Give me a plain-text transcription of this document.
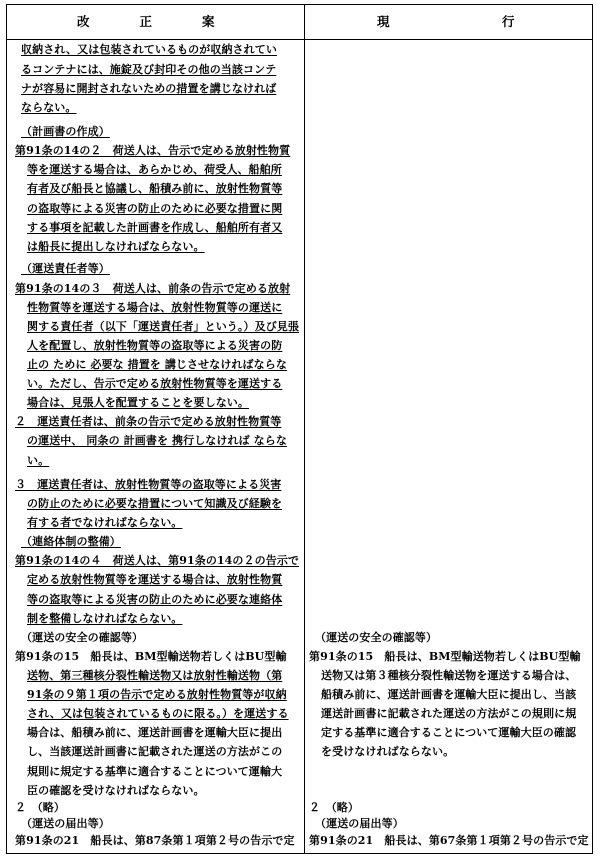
改　　　　正　　　　案	現　　　　　　　　　行
収納され、又は包装されているものが収納されてい
るコンテナには、施錠及び封印その他の当該コンテ
ナが容易に開封されないための措置を講じなければ
ならない。
（計画書の作成）
第91条の14の２　荷送人は、告示で定める放射性物質
等を運送する場合は、あらかじめ、荷受人、船舶所
有者及び船長と協議し、船積み前に、放射性物質等
の盗取等による災害の防止のために必要な措置に関
する事項を記載した計画書を作成し、船舶所有者又
は船長に提出しなければならない。
（運送責任者等）
第91条の14の３　荷送人は、前条の告示で定める放射
性物質等を運送する場合は、放射性物質等の運送に
関する責任者（以下「運送責任者」という。）及び見張
人を配置し、放射性物質等の盗取等による災害の防
止の ために 必要な 措置を 講じさせなければならな
い。ただし、告示で定める放射性物質等を運送する
場合は、見張人を配置することを要しない。
２　運送責任者は、前条の告示で定める放射性物質等
の運送中、 同条の 計画書を 携行しなければ ならな
い。
３　運送責任者は、放射性物質等の盗取等による災害
の防止のために必要な措置について知識及び経験を
有する者でなければならない。
（連絡体制の整備）
第91条の14の４　荷送人は、第91条の14の２の告示で
定める放射性物質等を運送する場合は、放射性物質
等の盗取等による災害の防止のために必要な連絡体
制を整備しなければならない。
（運送の安全の確認等）
第91条の15　船長は、BM型輸送物若しくはBU型輸
送物、第三種核分裂性輸送物又は放射性輸送物（第
91条の９第１項の告示で定める放射性物質等が収納
され、又は包装されているものに限る。）を運送する
場合は、船積み前に、運送計画書を運輸大臣に提出
し、当該運送計画書に記載された運送の方法がこの
規則に規定する基準に適合することについて運輸大
臣の確認を受けなければならない。
２　（略）
（運送の届出等）
第91条の21　船長は、第87条第１項第２号の告示で定
（運送の安全の確認等）
第91条の15　船長は、BM型輸送物若しくはBU型輸
送物又は第３種核分裂性輸送物を運送する場合は、
船積み前に、運送計画書を運輸大臣に提出し、当該
運送計画書に記載された運送の方法がこの規則に規
定する基準に適合することについて運輸大臣の確認
を受けなければならない。
２　（略）
（運送の届出等）
第91条の21　船長は、第67条第１項第２号の告示で定
